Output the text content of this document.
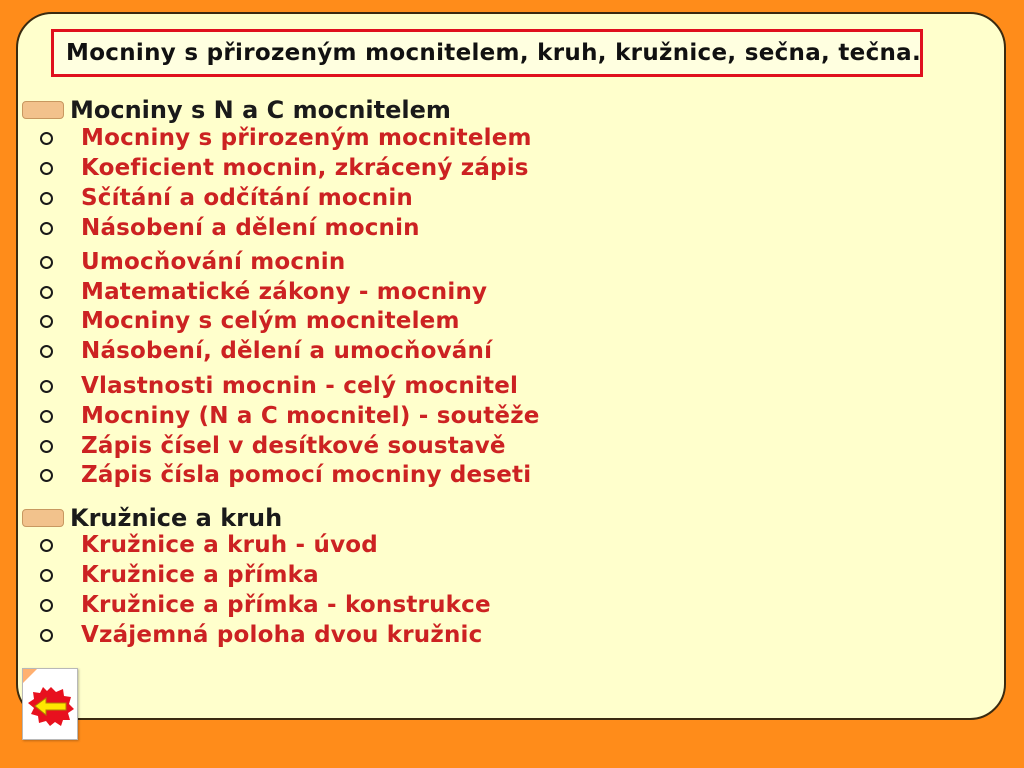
Mocniny s přirozeným mocnitelem, kruh, kružnice, sečna, tečna.
Mocniny s N a C mocnitelem
Mocniny s přirozeným mocnitelem
Koeficient mocnin, zkrácený zápis
Sčítání a odčítání mocnin
Násobení a dělení mocnin
Umocňování mocnin
Matematické zákony - mocniny
Mocniny s celým mocnitelem
Násobení, dělení a umocňování
Vlastnosti mocnin - celý mocnitel
Mocniny (N a C mocnitel) - soutěže
Zápis čísel v desítkové soustavě
Zápis čísla pomocí mocniny deseti
Kružnice a kruh
Kružnice a kruh - úvod
Kružnice a přímka
Kružnice a přímka - konstrukce
Vzájemná poloha dvou kružnic
